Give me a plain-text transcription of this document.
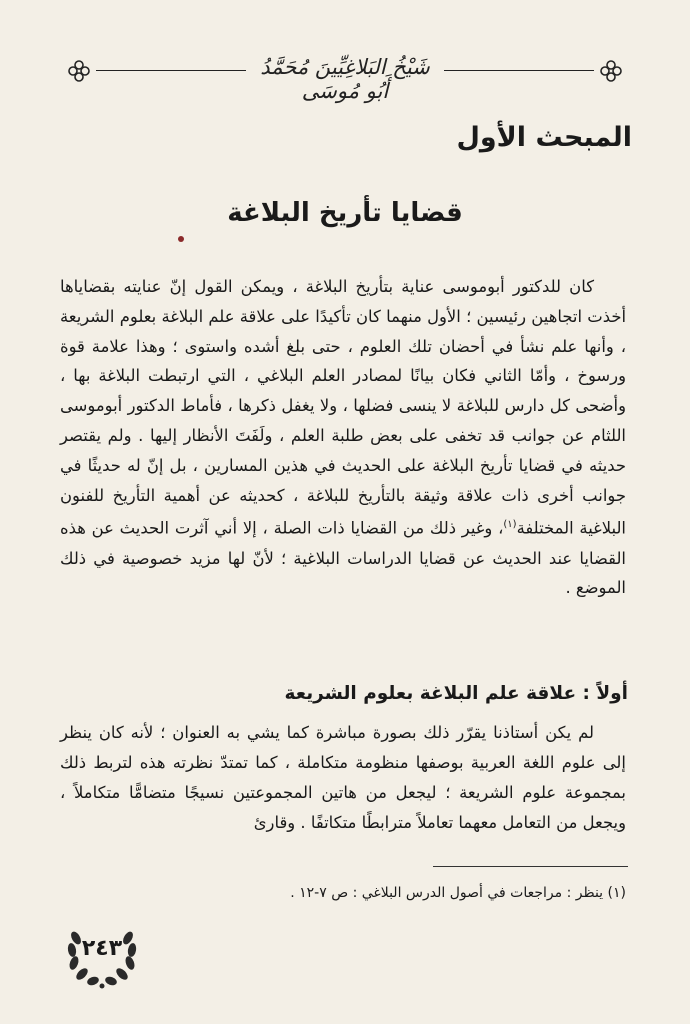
شَيْخُ البَلاغِيِّينَ مُحَمَّدُ أَبُو مُوسَى
المبحث الأول
قضايا تأريخ البلاغة

كان للدكتور أبوموسى عناية بتأريخ البلاغة ، ويمكن القول إنّ عنايته بقضاياها أخذت اتجاهين رئيسين ؛ الأول منهما كان تأكيدًا على علاقة علم البلاغة بعلوم الشريعة ، وأنها علم نشأ في أحضان تلك العلوم ، حتى بلغ أشده واستوى ؛ وهذا علامة قوة ورسوخ ، وأمّا الثاني فكان بيانًا لمصادر العلم البلاغي ، التي ارتبطت البلاغة بها ، وأضحى كل دارس للبلاغة لا ينسى فضلها ، ولا يغفل ذكرها ، فأماط الدكتور أبوموسى اللثام عن جوانب قد تخفى على بعض طلبة العلم ، ولَفَتَ الأنظار إليها . ولم يقتصر حديثه في قضايا تأريخ البلاغة على الحديث في هذين المسارين ، بل إنّ له حديثًا في جوانب أخرى ذات علاقة وثيقة بالتأريخ للبلاغة ، كحديثه عن أهمية التأريخ للفنون البلاغية المختلفة$^{(١)}$، وغير ذلك من القضايا ذات الصلة ، إلا أني آثرت الحديث عن هذه القضايا عند الحديث عن قضايا الدراسات البلاغية ؛ لأنّ لها مزيد خصوصية في ذلك الموضع .

أولاً : علاقة علم البلاغة بعلوم الشريعة

لم يكن أستاذنا يقرّر ذلك بصورة مباشرة كما يشي به العنوان ؛ لأنه كان ينظر إلى علوم اللغة العربية بوصفها منظومة متكاملة ، كما تمتدّ نظرته هذه لتربط ذلك بمجموعة علوم الشريعة ؛ ليجعل من هاتين المجموعتين نسيجًا متضامًّا متكاملاً ، ويجعل من التعامل معهما تعاملاً مترابطًا متكاتفًا . وقارئ

(١) ينظر : مراجعات في أصول الدرس البلاغي : ص ٧-١٢ .
٢٤٣
